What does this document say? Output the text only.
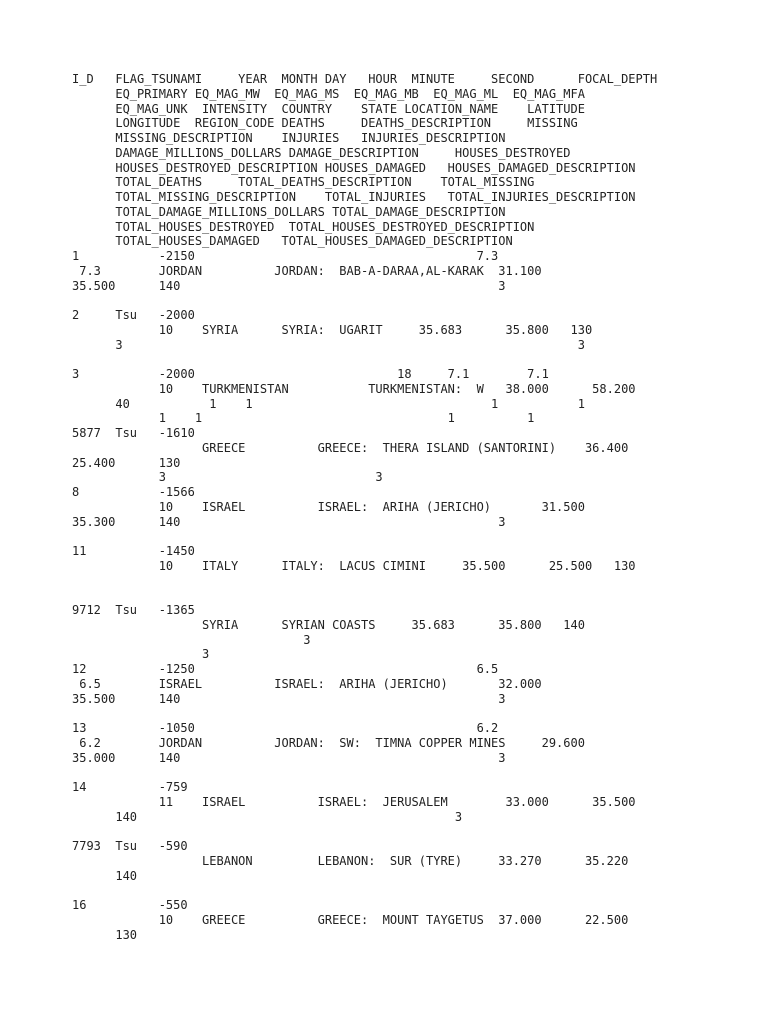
I_D   FLAG_TSUNAMI     YEAR  MONTH DAY   HOUR  MINUTE     SECOND      FOCAL_DEPTH
EQ_PRIMARY EQ_MAG_MW  EQ_MAG_MS  EQ_MAG_MB  EQ_MAG_ML  EQ_MAG_MFA
EQ_MAG_UNK  INTENSITY  COUNTRY    STATE LOCATION_NAME    LATITUDE
LONGITUDE  REGION_CODE DEATHS     DEATHS_DESCRIPTION     MISSING
MISSING_DESCRIPTION    INJURIES   INJURIES_DESCRIPTION
DAMAGE_MILLIONS_DOLLARS DAMAGE_DESCRIPTION     HOUSES_DESTROYED
HOUSES_DESTROYED_DESCRIPTION HOUSES_DAMAGED   HOUSES_DAMAGED_DESCRIPTION
TOTAL_DEATHS     TOTAL_DEATHS_DESCRIPTION    TOTAL_MISSING
TOTAL_MISSING_DESCRIPTION    TOTAL_INJURIES   TOTAL_INJURIES_DESCRIPTION
TOTAL_DAMAGE_MILLIONS_DOLLARS TOTAL_DAMAGE_DESCRIPTION
TOTAL_HOUSES_DESTROYED  TOTAL_HOUSES_DESTROYED_DESCRIPTION
TOTAL_HOUSES_DAMAGED   TOTAL_HOUSES_DAMAGED_DESCRIPTION
1           -2150                                       7.3
7.3        JORDAN          JORDAN:  BAB-A-DARAA,AL-KARAK  31.100
35.500      140                                            3

2     Tsu   -2000
10    SYRIA      SYRIA:  UGARIT     35.683      35.800   130
3                                                               3

3           -2000                            18     7.1        7.1
10    TURKMENISTAN           TURKMENISTAN:  W   38.000      58.200
40           1    1                                 1           1
1    1                                  1          1
5877  Tsu   -1610
GREECE          GREECE:  THERA ISLAND (SANTORINI)    36.400
25.400      130
3                             3
8           -1566
10    ISRAEL          ISRAEL:  ARIHA (JERICHO)       31.500
35.300      140                                            3

11          -1450
10    ITALY      ITALY:  LACUS CIMINI     35.500      25.500   130

9712  Tsu   -1365
SYRIA      SYRIAN COASTS     35.683      35.800   140
3
3
12          -1250                                       6.5
6.5        ISRAEL          ISRAEL:  ARIHA (JERICHO)       32.000
35.500      140                                            3

13          -1050                                       6.2
6.2        JORDAN          JORDAN:  SW:  TIMNA COPPER MINES     29.600
35.000      140                                            3

14          -759
11    ISRAEL          ISRAEL:  JERUSALEM        33.000      35.500
140                                            3

7793  Tsu   -590
LEBANON         LEBANON:  SUR (TYRE)     33.270      35.220
140

16          -550
10    GREECE          GREECE:  MOUNT TAYGETUS  37.000      22.500
130
